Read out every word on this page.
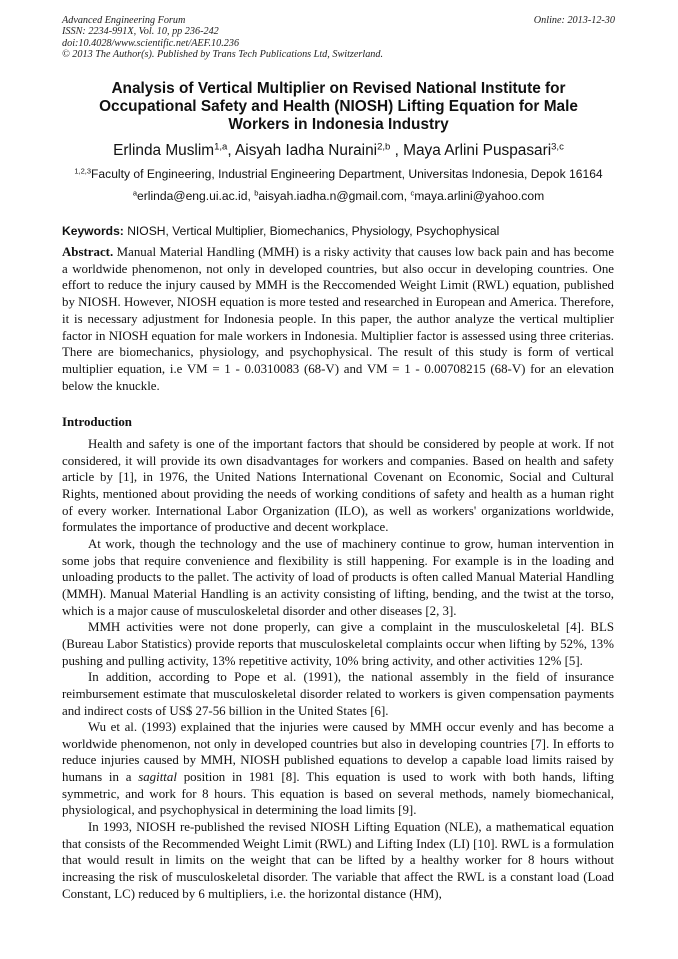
Advanced Engineering Forum
ISSN: 2234-991X, Vol. 10, pp 236-242
doi:10.4028/www.scientific.net/AEF.10.236
© 2013 The Author(s). Published by Trans Tech Publications Ltd, Switzerland.
Online: 2013-12-30
Analysis of Vertical Multiplier on Revised National Institute for
Occupational Safety and Health (NIOSH) Lifting Equation for Male
Workers in Indonesia Industry
Erlinda Muslim$^{1,a}$, Aisyah Iadha Nuraini$^{2,b}$ , Maya Arlini Puspasari$^{3,c}$
$^{1,2,3}$Faculty of Engineering, Industrial Engineering Department, Universitas Indonesia, Depok 16164
$^a$erlinda@eng.ui.ac.id, $^b$aisyah.iadha.n@gmail.com, $^c$maya.arlini@yahoo.com
Keywords: NIOSH, Vertical Multiplier, Biomechanics, Physiology, Psychophysical
Abstract. Manual Material Handling (MMH) is a risky activity that causes low back pain and has become a worldwide phenomenon, not only in developed countries, but also occur in developing countries. One effort to reduce the injury caused by MMH is the Reccomended Weight Limit (RWL) equation, published by NIOSH. However, NIOSH equation is more tested and researched in European and America. Therefore, it is necessary adjustment for Indonesia people. In this paper, the author analyze the vertical multiplier factor in NIOSH equation for male workers in Indonesia. Multiplier factor is assessed using three criterias. There are biomechanics, physiology, and psychophysical. The result of this study is form of vertical multiplier equation, i.e VM = 1 - 0.0310083 (68-V) and VM = 1 - 0.00708215 (68-V) for an elevation below the knuckle.
Introduction

Health and safety is one of the important factors that should be considered by people at work. If not considered, it will provide its own disadvantages for workers and companies. Based on health and safety article by [1], in 1976, the United Nations International Covenant on Economic, Social and Cultural Rights, mentioned about providing the needs of working conditions of safety and health as a human right of every worker. International Labor Organization (ILO), as well as workers' organizations worldwide, formulates the importance of productive and decent workplace.

At work, though the technology and the use of machinery continue to grow, human intervention in some jobs that require convenience and flexibility is still happening. For example is in the loading and unloading products to the pallet. The activity of load of products is often called Manual Material Handling (MMH). Manual Material Handling is an activity consisting of lifting, bending, and the twist at the torso, which is a major cause of musculoskeletal disorder and other diseases [2, 3].

MMH activities were not done properly, can give a complaint in the musculoskeletal [4]. BLS (Bureau Labor Statistics) provide reports that musculoskeletal complaints occur when lifting by 52%, 13% pushing and pulling activity, 13% repetitive activity, 10% bring activity, and other activities 12% [5].

In addition, according to Pope et al. (1991), the national assembly in the field of insurance reimbursement estimate that musculoskeletal disorder related to workers is given compensation payments and indirect costs of US$ 27-56 billion in the United States [6].

Wu et al. (1993) explained that the injuries were caused by MMH occur evenly and has become a worldwide phenomenon, not only in developed countries but also in developing countries [7]. In efforts to reduce injuries caused by MMH, NIOSH published equations to develop a capable load limits raised by humans in a sagittal position in 1981 [8]. This equation is used to work with both hands, lifting symmetric, and work for 8 hours. This equation is based on several methods, namely biomechanical, physiological, and psychophysical in determining the load limits [9].

In 1993, NIOSH re-published the revised NIOSH Lifting Equation (NLE), a mathematical equation that consists of the Recommended Weight Limit (RWL) and Lifting Index (LI) [10]. RWL is a formulation that would result in limits on the weight that can be lifted by a healthy worker for 8 hours without increasing the risk of musculoskeletal disorder. The variable that affect the RWL is a constant load (Load Constant, LC) reduced by 6 multipliers, i.e. the horizontal distance (HM),
